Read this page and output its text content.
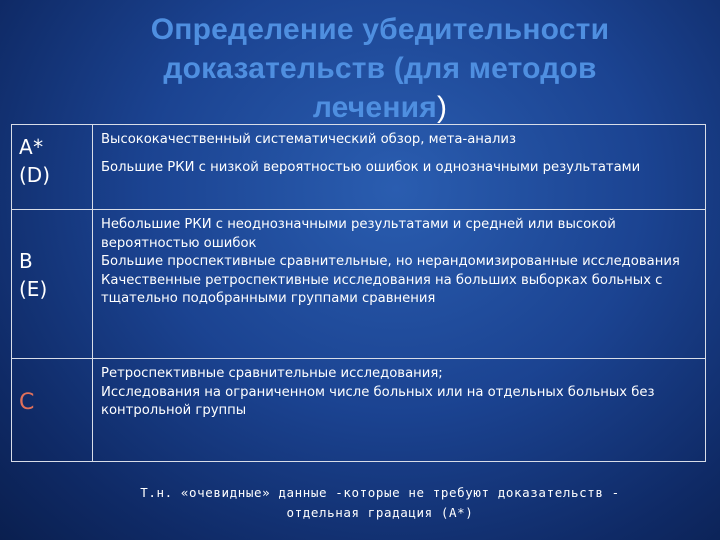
Определение убедительности
доказательств (для методов
лечения)
A*
(D)	Высококачественный систематический обзор, мета-анализ
Большие РКИ с низкой вероятностью ошибок и однозначными результатами

B
(E)	Небольшие РКИ с неоднозначными результатами и средней или высокой вероятностью ошибок
Большие проспективные сравнительные, но нерандомизированные исследования
Качественные ретроспективные исследования на больших выборках больных с тщательно подобранными группами сравнения

C	Ретроспективные сравнительные исследования;
Исследования на ограниченном числе больных или на отдельных больных без контрольной группы
Т.н. «очевидные» данные -которые не требуют доказательств -
отдельная градация (А*)
